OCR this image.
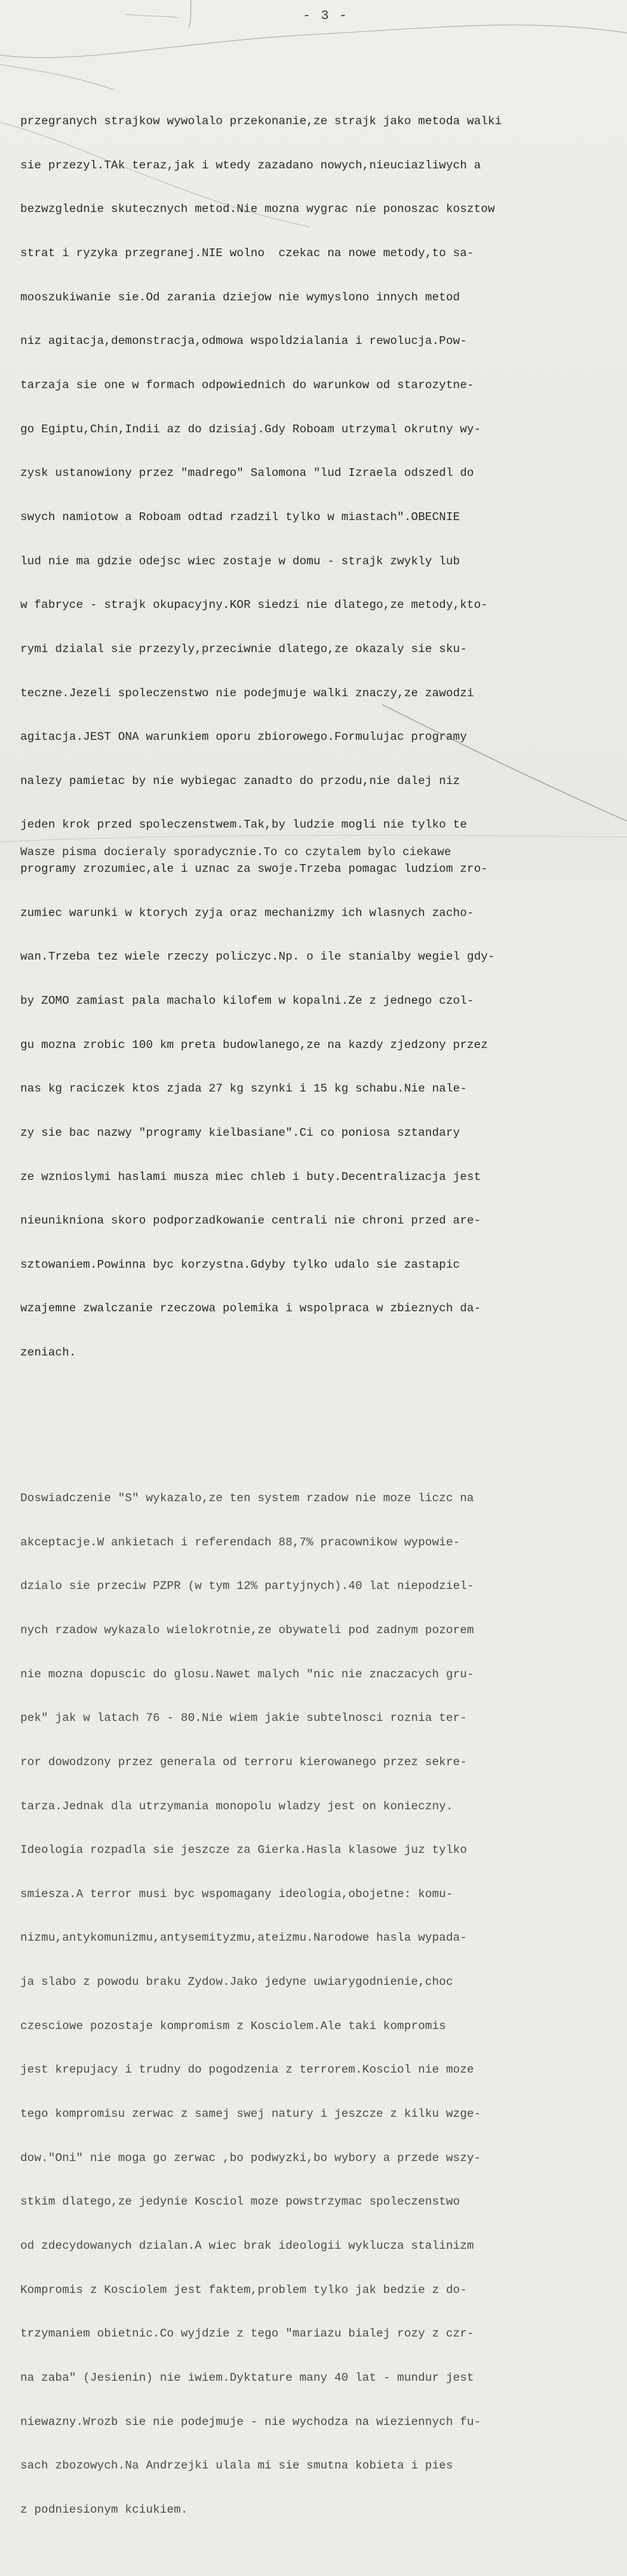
- 3 -

przegranych strajkow wywolalo przekonanie,ze strajk jako metoda walki

sie przezyl.TAk teraz,jak i wtedy zazadano nowych,nieuciazliwych a

bezwzglednie skutecznych metod.Nie mozna wygrac nie ponoszac kosztow

strat i ryzyka przegranej.NIE wolno  czekac na nowe metody,to sa-

mooszukiwanie sie.Od zarania dziejow nie wymyslono innych metod

niz agitacja,demonstracja,odmowa wspoldzialania i rewolucja.Pow-

tarzaja sie one w formach odpowiednich do warunkow od starozytne-

go Egiptu,Chin,Indii az do dzisiaj.Gdy Roboam utrzymal okrutny wy-

zysk ustanowiony przez "madrego" Salomona "lud Izraela odszedl do

swych namiotow a Roboam odtad rzadzil tylko w miastach".OBECNIE

lud nie ma gdzie odejsc wiec zostaje w domu - strajk zwykly lub

w fabryce - strajk okupacyjny.KOR siedzi nie dlatego,ze metody,kto-

rymi dzialal sie przezyly,przeciwnie dlatego,ze okazaly sie sku-

teczne.Jezeli spoleczenstwo nie podejmuje walki znaczy,ze zawodzi

agitacja.JEST ONA warunkiem oporu zbiorowego.Formulujac programy

nalezy pamietac by nie wybiegac zanadto do przodu,nie dalej niz

jeden krok przed spoleczenstwem.Tak,by ludzie mogli nie tylko te

programy zrozumiec,ale i uznac za swoje.Trzeba pomagac ludziom zro-

zumiec warunki w ktorych zyja oraz mechanizmy ich wlasnych zacho-

wan.Trzeba tez wiele rzeczy policzyc.Np. o ile stanialby wegiel gdy-

by ZOMO zamiast pala machalo kilofem w kopalni.Ze z jednego czol-

gu mozna zrobic 100 km preta budowlanego,ze na kazdy zjedzony przez

nas kg raciczek ktos zjada 27 kg szynki i 15 kg schabu.Nie nale-

zy sie bac nazwy "programy kielbasiane".Ci co poniosa sztandary

ze wznioslymi haslami musza miec chleb i buty.Decentralizacja jest

nieunikniona skoro podporzadkowanie centrali nie chroni przed are-

sztowaniem.Powinna byc korzystna.Gdyby tylko udalo sie zastapic

wzajemne zwalczanie rzeczowa polemika i wspolpraca w zbieznych da-

zeniach.

Doswiadczenie "S" wykazalo,ze ten system rzadow nie moze liczc na

akceptacje.W ankietach i referendach 88,7% pracownikow wypowie-

dzialo sie przeciw PZPR (w tym 12% partyjnych).40 lat niepodziel-

nych rzadow wykazalo wielokrotnie,ze obywateli pod zadnym pozorem

nie mozna dopuscic do glosu.Nawet malych "nic nie znaczacych gru-

pek" jak w latach 76 - 80.Nie wiem jakie subtelnosci roznia ter-

ror dowodzony przez generala od terroru kierowanego przez sekre-

tarza.Jednak dla utrzymania monopolu wladzy jest on konieczny.

Ideologia rozpadla sie jeszcze za Gierka.Hasla klasowe juz tylko

smiesza.A terror musi byc wspomagany ideologia,obojetne: komu-

nizmu,antykomunizmu,antysemityzmu,ateizmu.Narodowe hasla wypada-

ja slabo z powodu braku Zydow.Jako jedyne uwiarygodnienie,choc

czesciowe pozostaje kompromism z Kosciolem.Ale taki kompromis

jest krepujacy i trudny do pogodzenia z terrorem.Kosciol nie moze

tego kompromisu zerwac z samej swej natury i jeszcze z kilku wzge-

dow."Oni" nie moga go zerwac ,bo podwyzki,bo wybory a przede wszy-

stkim dlatego,ze jedynie Kosciol moze powstrzymac spoleczenstwo

od zdecydowanych dzialan.A wiec brak ideologii wyklucza stalinizm

Kompromis z Kosciolem jest faktem,problem tylko jak bedzie z do-

trzymaniem obietnic.Co wyjdzie z tego "mariazu bialej rozy z czr-

na zaba" (Jesienin) nie iwiem.Dyktature many 40 lat - mundur jest

niewazny.Wrozb sie nie podejmuje - nie wychodza na wieziennych fu-

sach zbozowych.Na Andrzejki ulala mi sie smutna kobieta i pies

z podniesionym kciukiem.

Wasze pisma docieraly sporadycznie.To co czytalem bylo ciekawe
